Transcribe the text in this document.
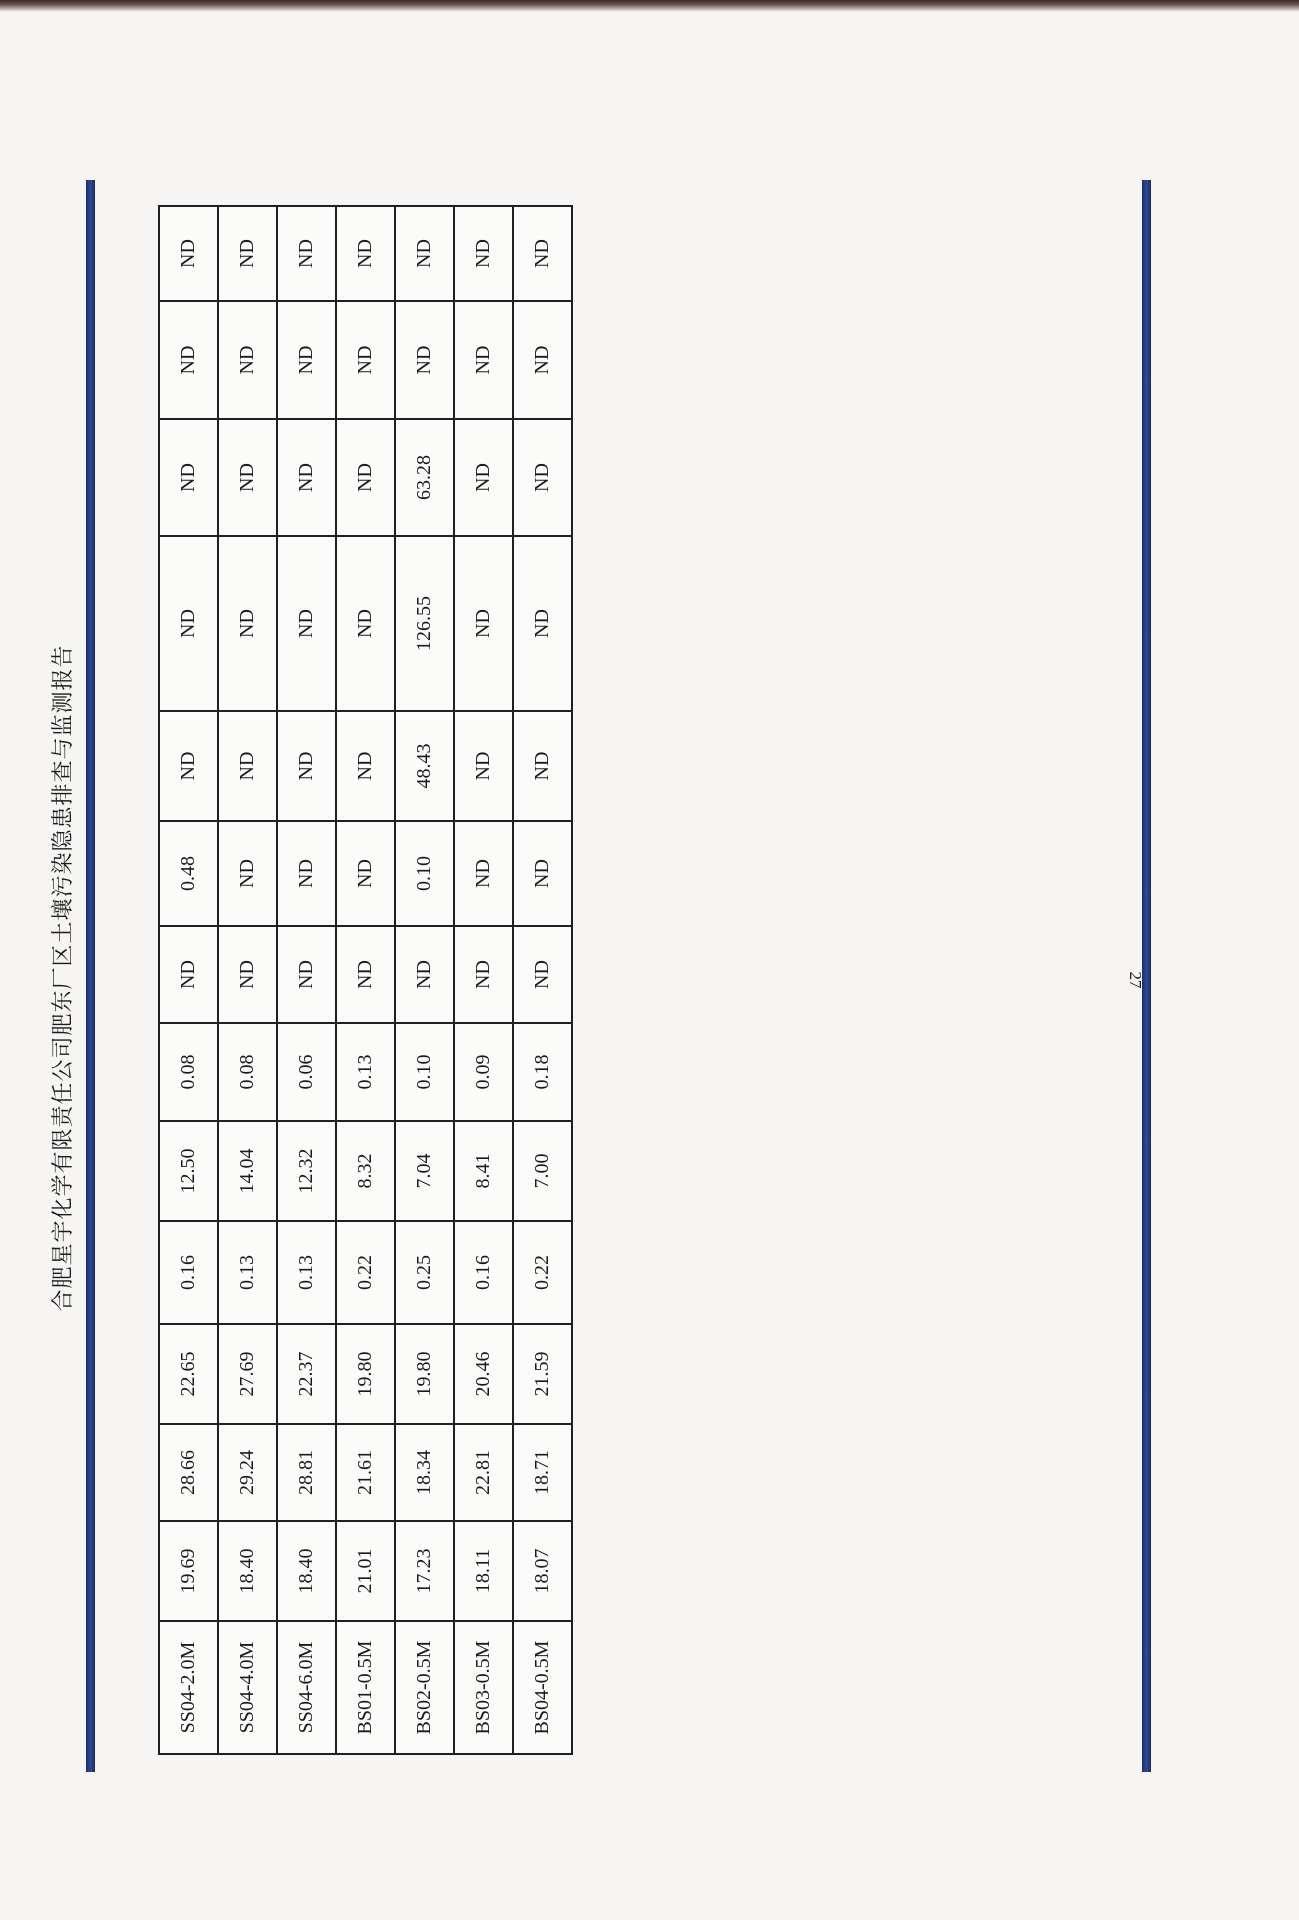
合肥星宇化学有限责任公司肥东厂区土壤污染隐患排查与监测报告
SS04-2.0M	19.69	28.66	22.65	0.16	12.50	0.08	ND	0.48	ND	ND	ND	ND	ND
SS04-4.0M	18.40	29.24	27.69	0.13	14.04	0.08	ND	ND	ND	ND	ND	ND	ND
SS04-6.0M	18.40	28.81	22.37	0.13	12.32	0.06	ND	ND	ND	ND	ND	ND	ND
BS01-0.5M	21.01	21.61	19.80	0.22	8.32	0.13	ND	ND	ND	ND	ND	ND	ND
BS02-0.5M	17.23	18.34	19.80	0.25	7.04	0.10	ND	0.10	48.43	126.55	63.28	ND	ND
BS03-0.5M	18.11	22.81	20.46	0.16	8.41	0.09	ND	ND	ND	ND	ND	ND	ND
BS04-0.5M	18.07	18.71	21.59	0.22	7.00	0.18	ND	ND	ND	ND	ND	ND	ND
27
